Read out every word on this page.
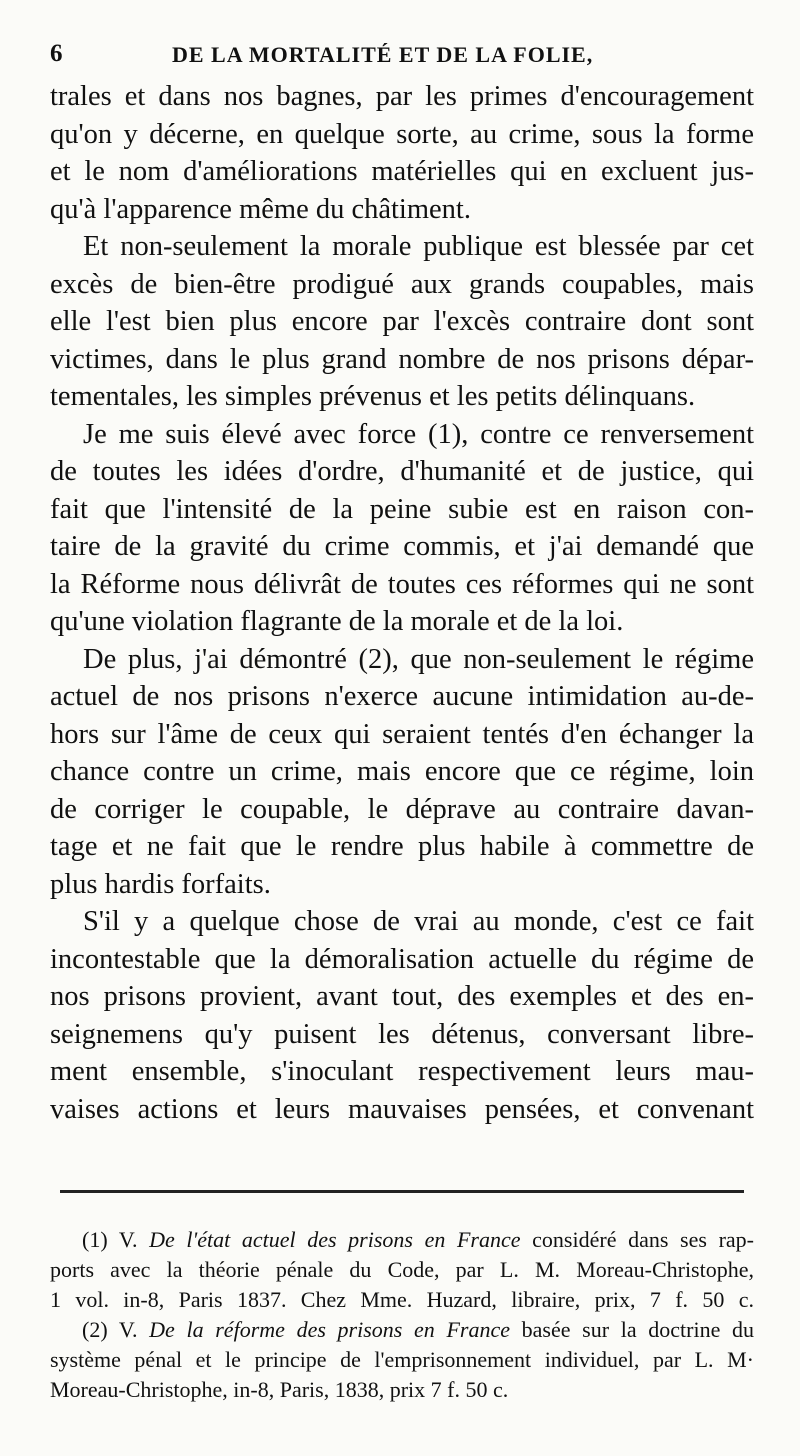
6	DE LA MORTALITÉ ET DE LA FOLIE,
trales et dans nos bagnes, par les primes d'encouragement
qu'on y décerne, en quelque sorte, au crime, sous la forme
et le nom d'améliorations matérielles qui en excluent jus-
qu'à l'apparence même du châtiment.
Et non-seulement la morale publique est blessée par cet
excès de bien-être prodigué aux grands coupables, mais
elle l'est bien plus encore par l'excès contraire dont sont
victimes, dans le plus grand nombre de nos prisons dépar-
tementales, les simples prévenus et les petits délinquans.
Je me suis élevé avec force (1), contre ce renversement
de toutes les idées d'ordre, d'humanité et de justice, qui
fait que l'intensité de la peine subie est en raison con-
taire de la gravité du crime commis, et j'ai demandé que
la Réforme nous délivrât de toutes ces réformes qui ne sont
qu'une violation flagrante de la morale et de la loi.
De plus, j'ai démontré (2), que non-seulement le régime
actuel de nos prisons n'exerce aucune intimidation au-de-
hors sur l'âme de ceux qui seraient tentés d'en échanger la
chance contre un crime, mais encore que ce régime, loin
de corriger le coupable, le déprave au contraire davan-
tage et ne fait que le rendre plus habile à commettre de
plus hardis forfaits.
S'il y a quelque chose de vrai au monde, c'est ce fait
incontestable que la démoralisation actuelle du régime de
nos prisons provient, avant tout, des exemples et des en-
seignemens qu'y puisent les détenus, conversant libre-
ment ensemble, s'inoculant respectivement leurs mau-
vaises actions et leurs mauvaises pensées, et convenant
(1) V. De l'état actuel des prisons en France considéré dans ses rap-
ports avec la théorie pénale du Code, par L. M. Moreau-Christophe,
1 vol. in-8, Paris 1837. Chez Mme. Huzard, libraire, prix, 7 f. 50 c.
(2) V. De la réforme des prisons en France basée sur la doctrine du
système pénal et le principe de l'emprisonnement individuel, par L. M·
Moreau-Christophe, in-8, Paris, 1838, prix 7 f. 50 c.
